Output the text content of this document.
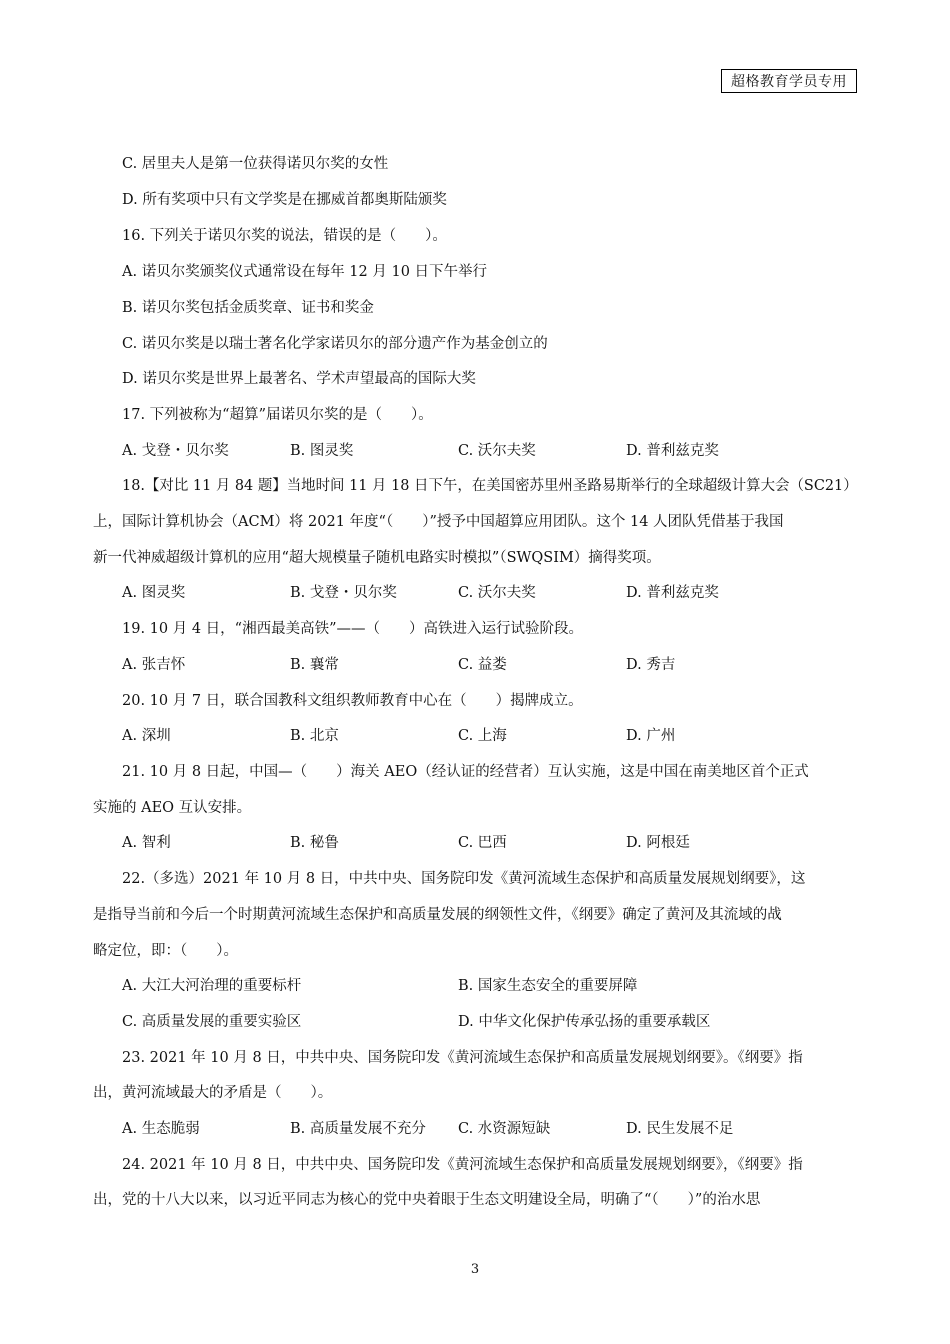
超格教育学员专用
C. 居里夫人是第一位获得诺贝尔奖的女性
D. 所有奖项中只有文学奖是在挪威首都奥斯陆颁奖
16. 下列关于诺贝尔奖的说法，错误的是（　　）。
A. 诺贝尔奖颁奖仪式通常设在每年 12 月 10 日下午举行
B. 诺贝尔奖包括金质奖章、证书和奖金
C. 诺贝尔奖是以瑞士著名化学家诺贝尔的部分遗产作为基金创立的
D. 诺贝尔奖是世界上最著名、学术声望最高的国际大奖
17. 下列被称为“超算”届诺贝尔奖的是（　　）。
A. 戈登・贝尔奖	B. 图灵奖	C. 沃尔夫奖	D. 普利兹克奖
18.【对比 11 月 84 题】当地时间 11 月 18 日下午，在美国密苏里州圣路易斯举行的全球超级计算大会（SC21）
上，国际计算机协会（ACM）将 2021 年度“（　　）”授予中国超算应用团队。这个 14 人团队凭借基于我国
新一代神威超级计算机的应用“超大规模量子随机电路实时模拟”（SWQSIM）摘得奖项。
A. 图灵奖	B. 戈登・贝尔奖	C. 沃尔夫奖	D. 普利兹克奖
19. 10 月 4 日，“湘西最美高铁”——（　　）高铁进入运行试验阶段。
A. 张吉怀	B. 襄常	C. 益娄	D. 秀吉
20. 10 月 7 日，联合国教科文组织教师教育中心在（　　）揭牌成立。
A. 深圳	B. 北京	C. 上海	D. 广州
21. 10 月 8 日起，中国—（　　）海关 AEO（经认证的经营者）互认实施，这是中国在南美地区首个正式
实施的 AEO 互认安排。
A. 智利	B. 秘鲁	C. 巴西	D. 阿根廷
22.（多选）2021 年 10 月 8 日，中共中央、国务院印发《黄河流域生态保护和高质量发展规划纲要》，这
是指导当前和今后一个时期黄河流域生态保护和高质量发展的纲领性文件，《纲要》确定了黄河及其流域的战
略定位，即：（　　）。
A. 大江大河治理的重要标杆	B. 国家生态安全的重要屏障
C. 高质量发展的重要实验区	D. 中华文化保护传承弘扬的重要承载区
23. 2021 年 10 月 8 日，中共中央、国务院印发《黄河流域生态保护和高质量发展规划纲要》。《纲要》指
出，黄河流域最大的矛盾是（　　）。
A. 生态脆弱	B. 高质量发展不充分 C. 水资源短缺	D. 民生发展不足
24. 2021 年 10 月 8 日，中共中央、国务院印发《黄河流域生态保护和高质量发展规划纲要》，《纲要》指
出，党的十八大以来，以习近平同志为核心的党中央着眼于生态文明建设全局，明确了“（　　）”的治水思
3
